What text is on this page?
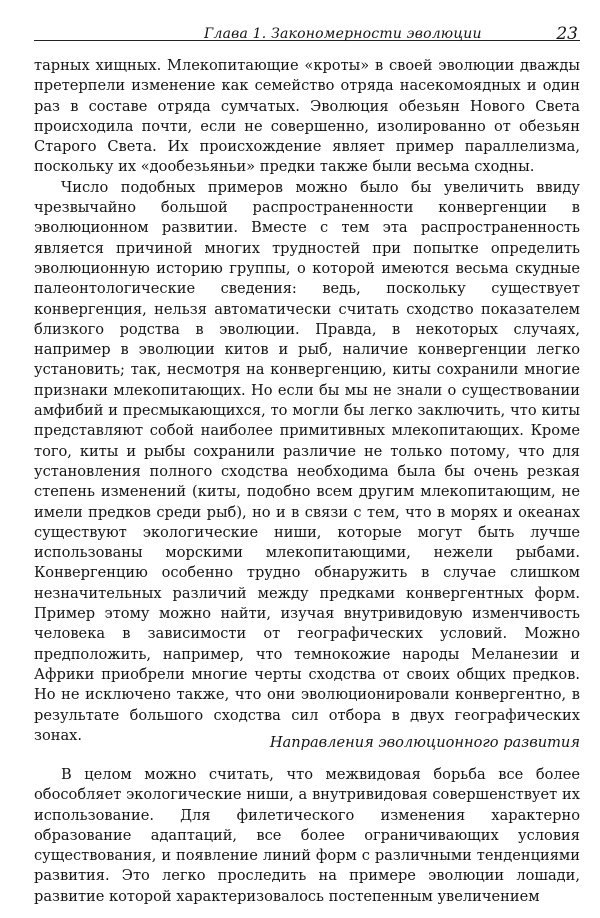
Глава 1. Закономерности эволюции	23

тарных хищных. Млекопитающие «кроты» в своей эволюции дважды претерпели изменение как семейство отряда насекомоядных и один раз в составе отряда сумчатых. Эволюция обезьян Нового Света происходила почти, если не совершенно, изолированно от обезьян Старого Света. Их происхождение являет пример параллелизма, поскольку их «дообезьяньи» предки также были весьма сходны.

Число подобных примеров можно было бы увеличить ввиду чрезвычайно большой распространенности конвергенции в эволюционном развитии. Вместе с тем эта распространенность является причиной многих трудностей при попытке определить эволюционную историю группы, о которой имеются весьма скудные палеонтологические сведения: ведь, поскольку существует конвергенция, нельзя автоматически считать сходство показателем близкого родства в эволюции. Правда, в некоторых случаях, например в эволюции китов и рыб, наличие конвергенции легко установить; так, несмотря на конвергенцию, киты сохранили многие признаки млекопитающих. Но если бы мы не знали о существовании амфибий и пресмыкающихся, то могли бы легко заключить, что киты представляют собой наиболее примитивных млекопитающих. Кроме того, киты и рыбы сохранили различие не только потому, что для установления полного сходства необходима была бы очень резкая степень изменений (киты, подобно всем другим млекопитающим, не имели предков среди рыб), но и в связи с тем, что в морях и океанах существуют экологические ниши, которые могут быть лучше использованы морскими млекопитающими, нежели рыбами. Конвергенцию особенно трудно обнаружить в случае слишком незначительных различий между предками конвергентных форм. Пример этому можно найти, изучая внутривидовую изменчивость человека в зависимости от географических условий. Можно предположить, например, что темнокожие народы Меланезии и Африки приобрели многие черты сходства от своих общих предков. Но не исключено также, что они эволюционировали конвергентно, в результате большого сходства сил отбора в двух географических зонах.	Направления эволюционного развития

В целом можно считать, что межвидовая борьба все более обособляет экологические ниши, а внутривидовая совершенствует их использование. Для филетического изменения характерно образование адаптаций, все более ограничивающих условия существования, и появление линий форм с различными тенденциями развития. Это легко проследить на примере эволюции лошади, развитие которой характеризовалось постепенным увеличением
